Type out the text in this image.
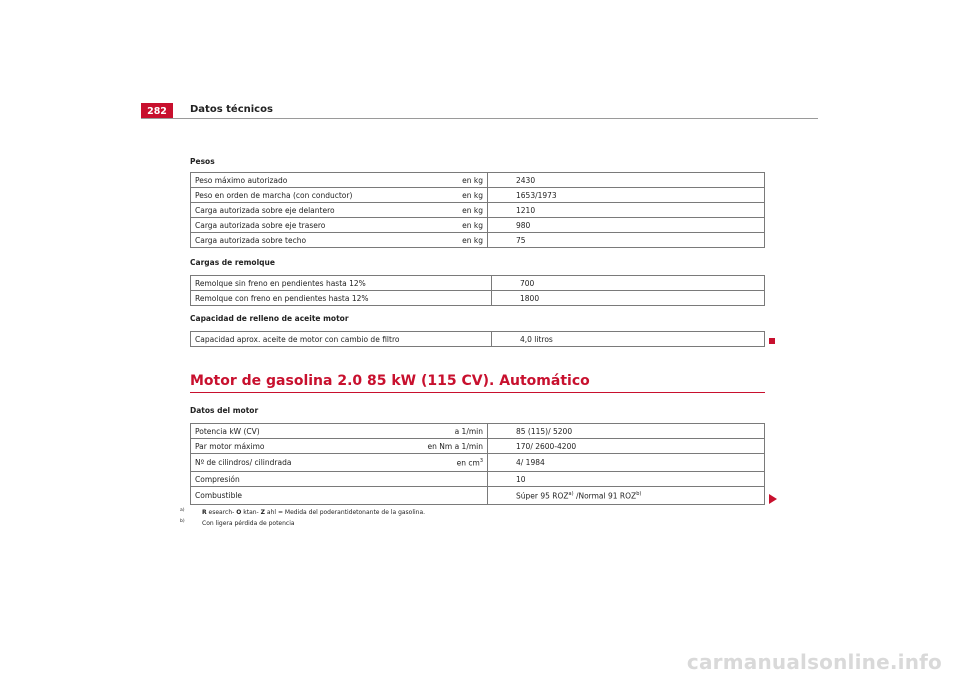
282	Datos técnicos
Pesos
Peso máximo autorizado	en kg	2430
Peso en orden de marcha (con conductor)	en kg	1653/1973
Carga autorizada sobre eje delantero	en kg	1210
Carga autorizada sobre eje trasero	en kg	980
Carga autorizada sobre techo	en kg	75
Cargas de remolque
Remolque sin freno en pendientes hasta 12%	700
Remolque con freno en pendientes hasta 12%	1800
Capacidad de relleno de aceite motor
Capacidad aprox. aceite de motor con cambio de filtro	4,0 litros
Motor de gasolina 2.0 85 kW (115 CV). Automático
Datos del motor
Potencia kW (CV)	a 1/min	85 (115)/ 5200
Par motor máximo	en Nm a 1/min	170/ 2600-4200
Nº de cilindros/ cilindrada	en $cm^3$	4/ 1984
Compresión		10
Combustible		Súper 95 ROZ$^{a)}$ /Normal 91 ROZ$^{b)}$
a)	R esearch- O ktan- Z ahl = Medida del poderantidetonante de la gasolina.
b)	Con ligera pérdida de potencia
carmanualsonline.info
